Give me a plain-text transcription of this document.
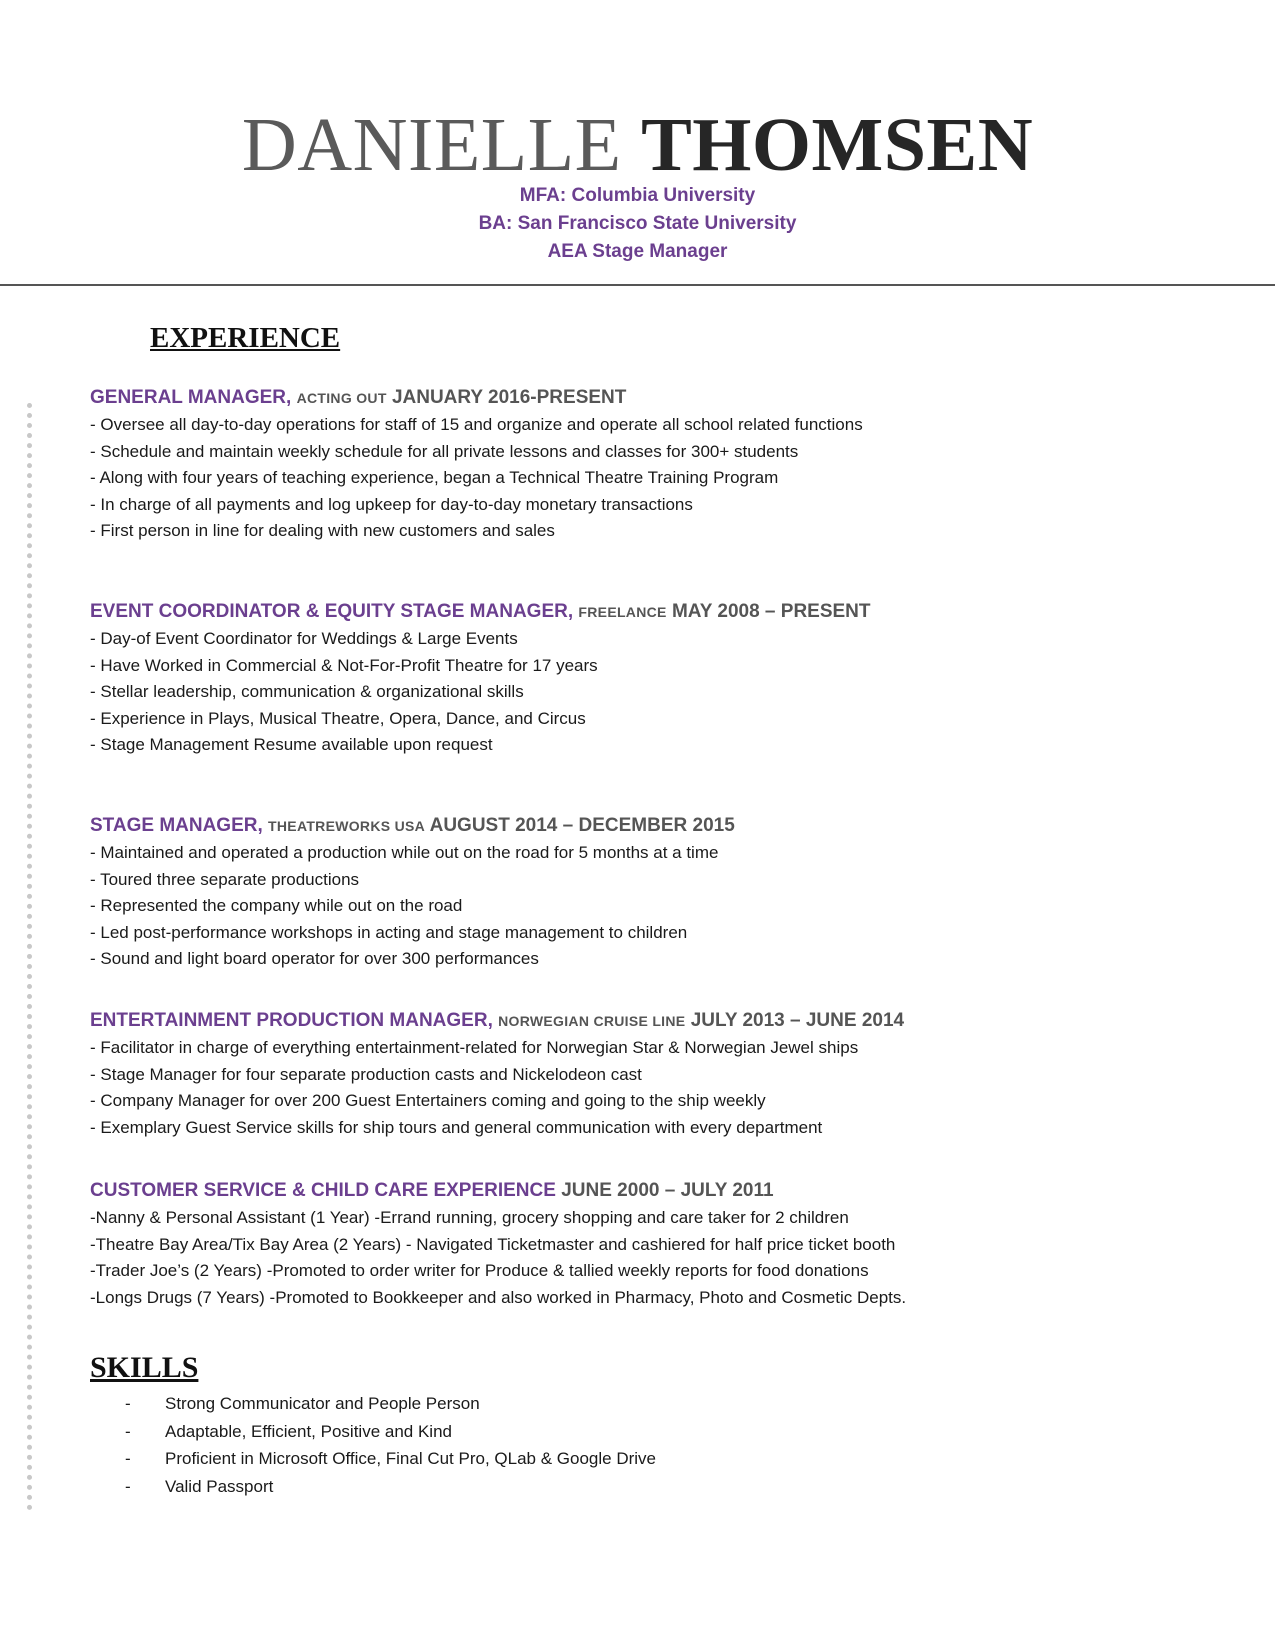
DANIELLE THOMSEN
MFA: Columbia University
BA: San Francisco State University
AEA Stage Manager
EXPERIENCE
GENERAL MANAGER, ACTING OUT JANUARY 2016-PRESENT
- Oversee all day-to-day operations for staff of 15 and organize and operate all school related functions
- Schedule and maintain weekly schedule for all private lessons and classes for 300+ students
- Along with four years of teaching experience, began a Technical Theatre Training Program
- In charge of all payments and log upkeep for day-to-day monetary transactions
- First person in line for dealing with new customers and sales
EVENT COORDINATOR & EQUITY STAGE MANAGER, FREELANCE MAY 2008 – PRESENT
- Day-of Event Coordinator for Weddings & Large Events
- Have Worked in Commercial & Not-For-Profit Theatre for 17 years
- Stellar leadership, communication & organizational skills
- Experience in Plays, Musical Theatre, Opera, Dance, and Circus
- Stage Management Resume available upon request
STAGE MANAGER, THEATREWORKS USA AUGUST 2014 – DECEMBER 2015
- Maintained and operated a production while out on the road for 5 months at a time
- Toured three separate productions
- Represented the company while out on the road
- Led post-performance workshops in acting and stage management to children
- Sound and light board operator for over 300 performances
ENTERTAINMENT PRODUCTION MANAGER, NORWEGIAN CRUISE LINE JULY 2013 – JUNE 2014
- Facilitator in charge of everything entertainment-related for Norwegian Star & Norwegian Jewel ships
- Stage Manager for four separate production casts and Nickelodeon cast
- Company Manager for over 200 Guest Entertainers coming and going to the ship weekly
- Exemplary Guest Service skills for ship tours and general communication with every department
CUSTOMER SERVICE & CHILD CARE EXPERIENCE JUNE 2000 – JULY 2011
-Nanny & Personal Assistant (1 Year) -Errand running, grocery shopping and care taker for 2 children
-Theatre Bay Area/Tix Bay Area (2 Years) - Navigated Ticketmaster and cashiered for half price ticket booth
-Trader Joe’s (2 Years) -Promoted to order writer for Produce & tallied weekly reports for food donations
-Longs Drugs (7 Years) -Promoted to Bookkeeper and also worked in Pharmacy, Photo and Cosmetic Depts.
SKILLS
- Strong Communicator and People Person
- Adaptable, Efficient, Positive and Kind
- Proficient in Microsoft Office, Final Cut Pro, QLab & Google Drive
- Valid Passport
